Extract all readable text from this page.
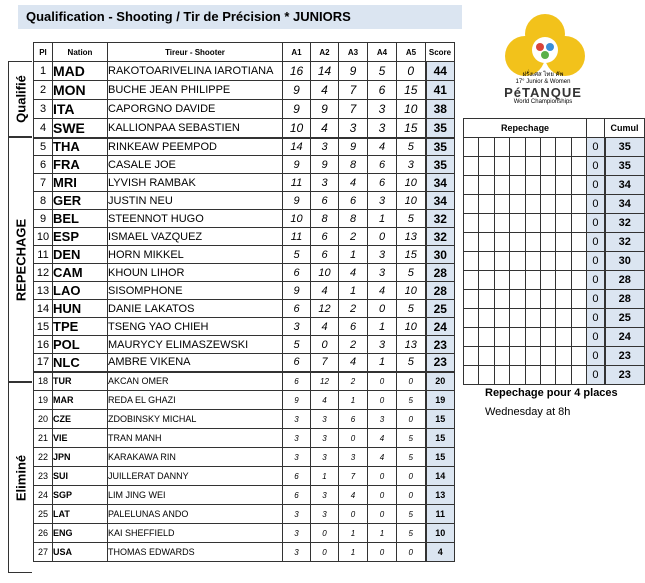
Qualification - Shooting / Tir de Précision * JUNIORS
ฝรั่งเศส ไทย คัพ
17° Junior & Women
PéTANQUE
World Championships
Qualifié
REPECHAGE
Eliminé
Pl	Nation	Tireur - Shooter	A1	A2	A3	A4	A5	Score
1	MAD	RAKOTOARIVELINA IAROTIANA	16	14	9	5	0	44
2	MON	BUCHE JEAN PHILIPPE	9	4	7	6	15	41
3	ITA	CAPORGNO DAVIDE	9	9	7	3	10	38
4	SWE	KALLIONPAA SEBASTIEN	10	4	3	3	15	35
5	THA	RINKEAW PEEMPOD	14	3	9	4	5	35
6	FRA	CASALE JOE	9	9	8	6	3	35
7	MRI	LYVISH RAMBAK	11	3	4	6	10	34
8	GER	JUSTIN NEU	9	6	6	3	10	34
9	BEL	STEENNOT HUGO	10	8	8	1	5	32
10	ESP	ISMAEL VAZQUEZ	11	6	2	0	13	32
11	DEN	HORN MIKKEL	5	6	1	3	15	30
12	CAM	KHOUN LIHOR	6	10	4	3	5	28
13	LAO	SISOMPHONE	9	4	1	4	10	28
14	HUN	DANIE LAKATOS	6	12	2	0	5	25
15	TPE	TSENG YAO CHIEH	3	4	6	1	10	24
16	POL	MAURYCY ELIMASZEWSKI	5	0	2	3	13	23
17	NLC	AMBRE VIKENA	6	7	4	1	5	23
18	TUR	AKCAN OMER	6	12	2	0	0	20
19	MAR	REDA EL GHAZI	9	4	1	0	5	19
20	CZE	ZDOBINSKY MICHAL	3	3	6	3	0	15
21	VIE	TRAN MANH	3	3	0	4	5	15
22	JPN	KARAKAWA RIN	3	3	3	4	5	15
23	SUI	JUILLERAT DANNY	6	1	7	0	0	14
24	SGP	LIM JING WEI	6	3	4	0	0	13
25	LAT	PALELUNAS ANDO	3	3	0	0	5	11
26	ENG	KAI SHEFFIELD	3	0	1	1	5	10
27	USA	THOMAS EDWARDS	3	0	1	0	0	4
Repechage									Cumul
								0	35
								0	35
								0	34
								0	34
								0	32
								0	32
								0	30
								0	28
								0	28
								0	25
								0	24
								0	23
								0	23
Repechage pour 4 places
Wednesday at 8h
